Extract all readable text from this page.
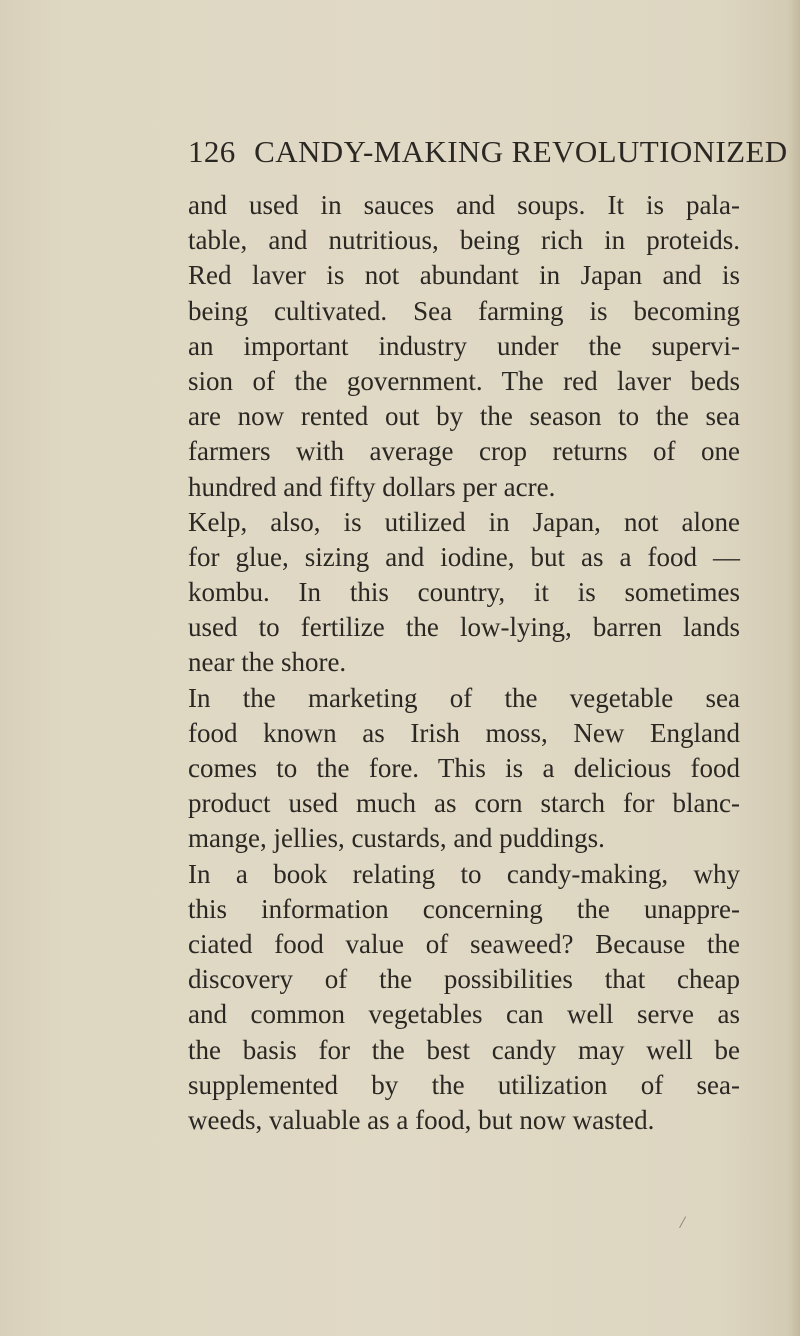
126 CANDY-MAKING REVOLUTIONIZED
and used in sauces and soups. It is pala-
table, and nutritious, being rich in proteids.
Red laver is not abundant in Japan and is
being cultivated. Sea farming is becoming
an important industry under the supervi-
sion of the government. The red laver beds
are now rented out by the season to the sea
farmers with average crop returns of one
hundred and fifty dollars per acre.
Kelp, also, is utilized in Japan, not alone
for glue, sizing and iodine, but as a food —
kombu. In this country, it is sometimes
used to fertilize the low-lying, barren lands
near the shore.
In the marketing of the vegetable sea
food known as Irish moss, New England
comes to the fore. This is a delicious food
product used much as corn starch for blanc-
mange, jellies, custards, and puddings.
In a book relating to candy-making, why
this information concerning the unappre-
ciated food value of seaweed? Because the
discovery of the possibilities that cheap
and common vegetables can well serve as
the basis for the best candy may well be
supplemented by the utilization of sea-
weeds, valuable as a food, but now wasted.
/
